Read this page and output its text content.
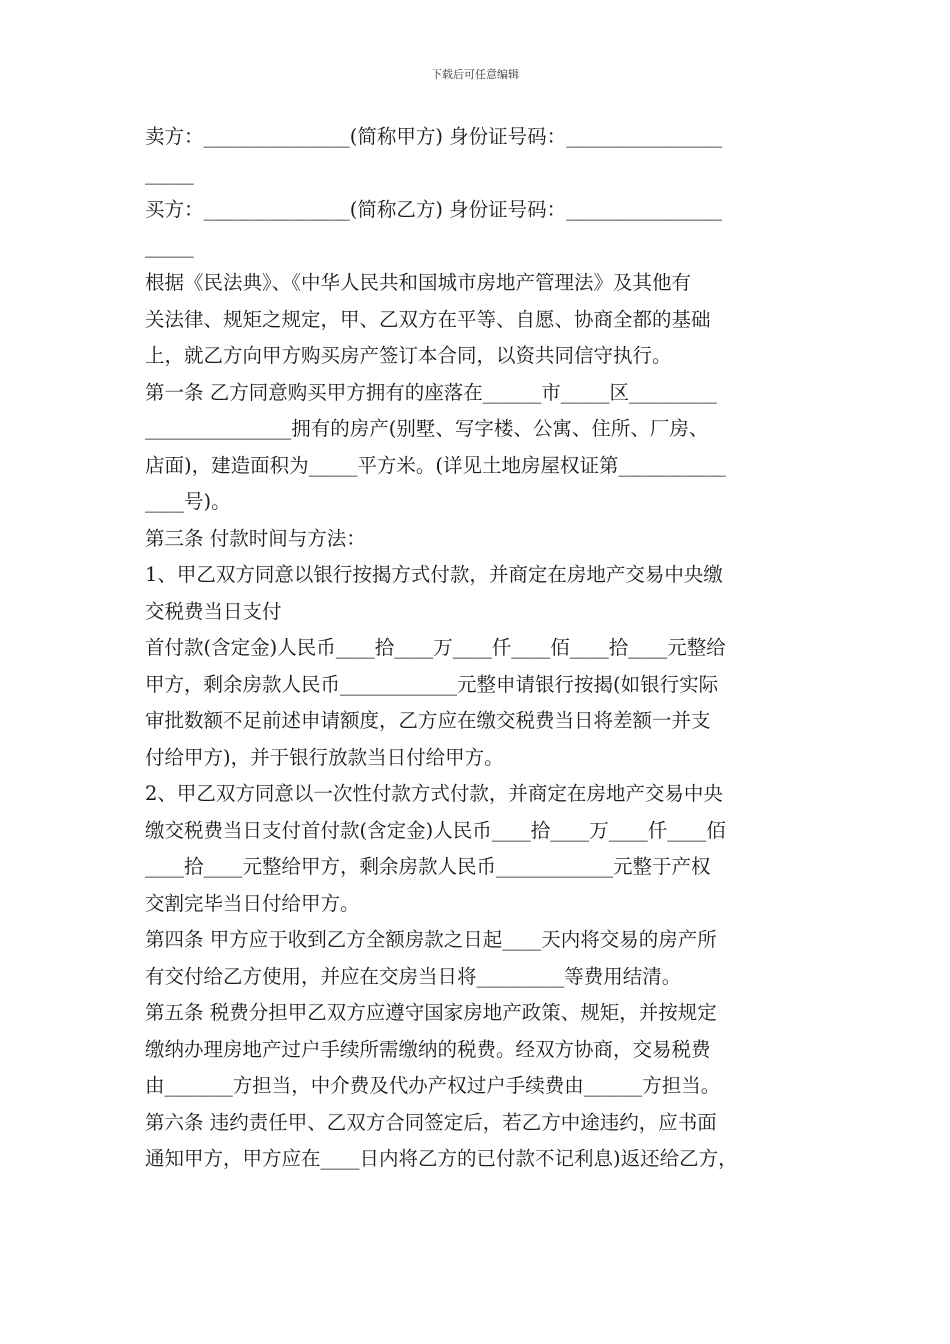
下载后可任意编辑
卖方：_______________(简称甲方) 身份证号码：________________
_____
买方：_______________(简称乙方) 身份证号码：________________
_____
根据《民法典》、《中华人民共和国城市房地产管理法》及其他有
关法律、规矩之规定，甲、乙双方在平等、自愿、协商全都的基础
上，就乙方向甲方购买房产签订本合同，以资共同信守执行。
第一条 乙方同意购买甲方拥有的座落在______市_____区_________
_______________拥有的房产(别墅、写字楼、公寓、住所、厂房、
店面)，建造面积为_____平方米。(详见土地房屋权证第___________
____号)。
第三条 付款时间与方法：
1、甲乙双方同意以银行按揭方式付款，并商定在房地产交易中央缴
交税费当日支付
首付款(含定金)人民币____拾____万____仟____佰____拾____元整给
甲方，剩余房款人民币____________元整申请银行按揭(如银行实际
审批数额不足前述申请额度，乙方应在缴交税费当日将差额一并支
付给甲方)，并于银行放款当日付给甲方。
2、甲乙双方同意以一次性付款方式付款，并商定在房地产交易中央
缴交税费当日支付首付款(含定金)人民币____拾____万____仟____佰
____拾____元整给甲方，剩余房款人民币____________元整于产权
交割完毕当日付给甲方。
第四条 甲方应于收到乙方全额房款之日起____天内将交易的房产所
有交付给乙方使用，并应在交房当日将_________等费用结清。
第五条 税费分担甲乙双方应遵守国家房地产政策、规矩，并按规定
缴纳办理房地产过户手续所需缴纳的税费。经双方协商，交易税费
由_______方担当，中介费及代办产权过户手续费由______方担当。
第六条 违约责任甲、乙双方合同签定后，若乙方中途违约，应书面
通知甲方，甲方应在____日内将乙方的已付款不记利息)返还给乙方，
